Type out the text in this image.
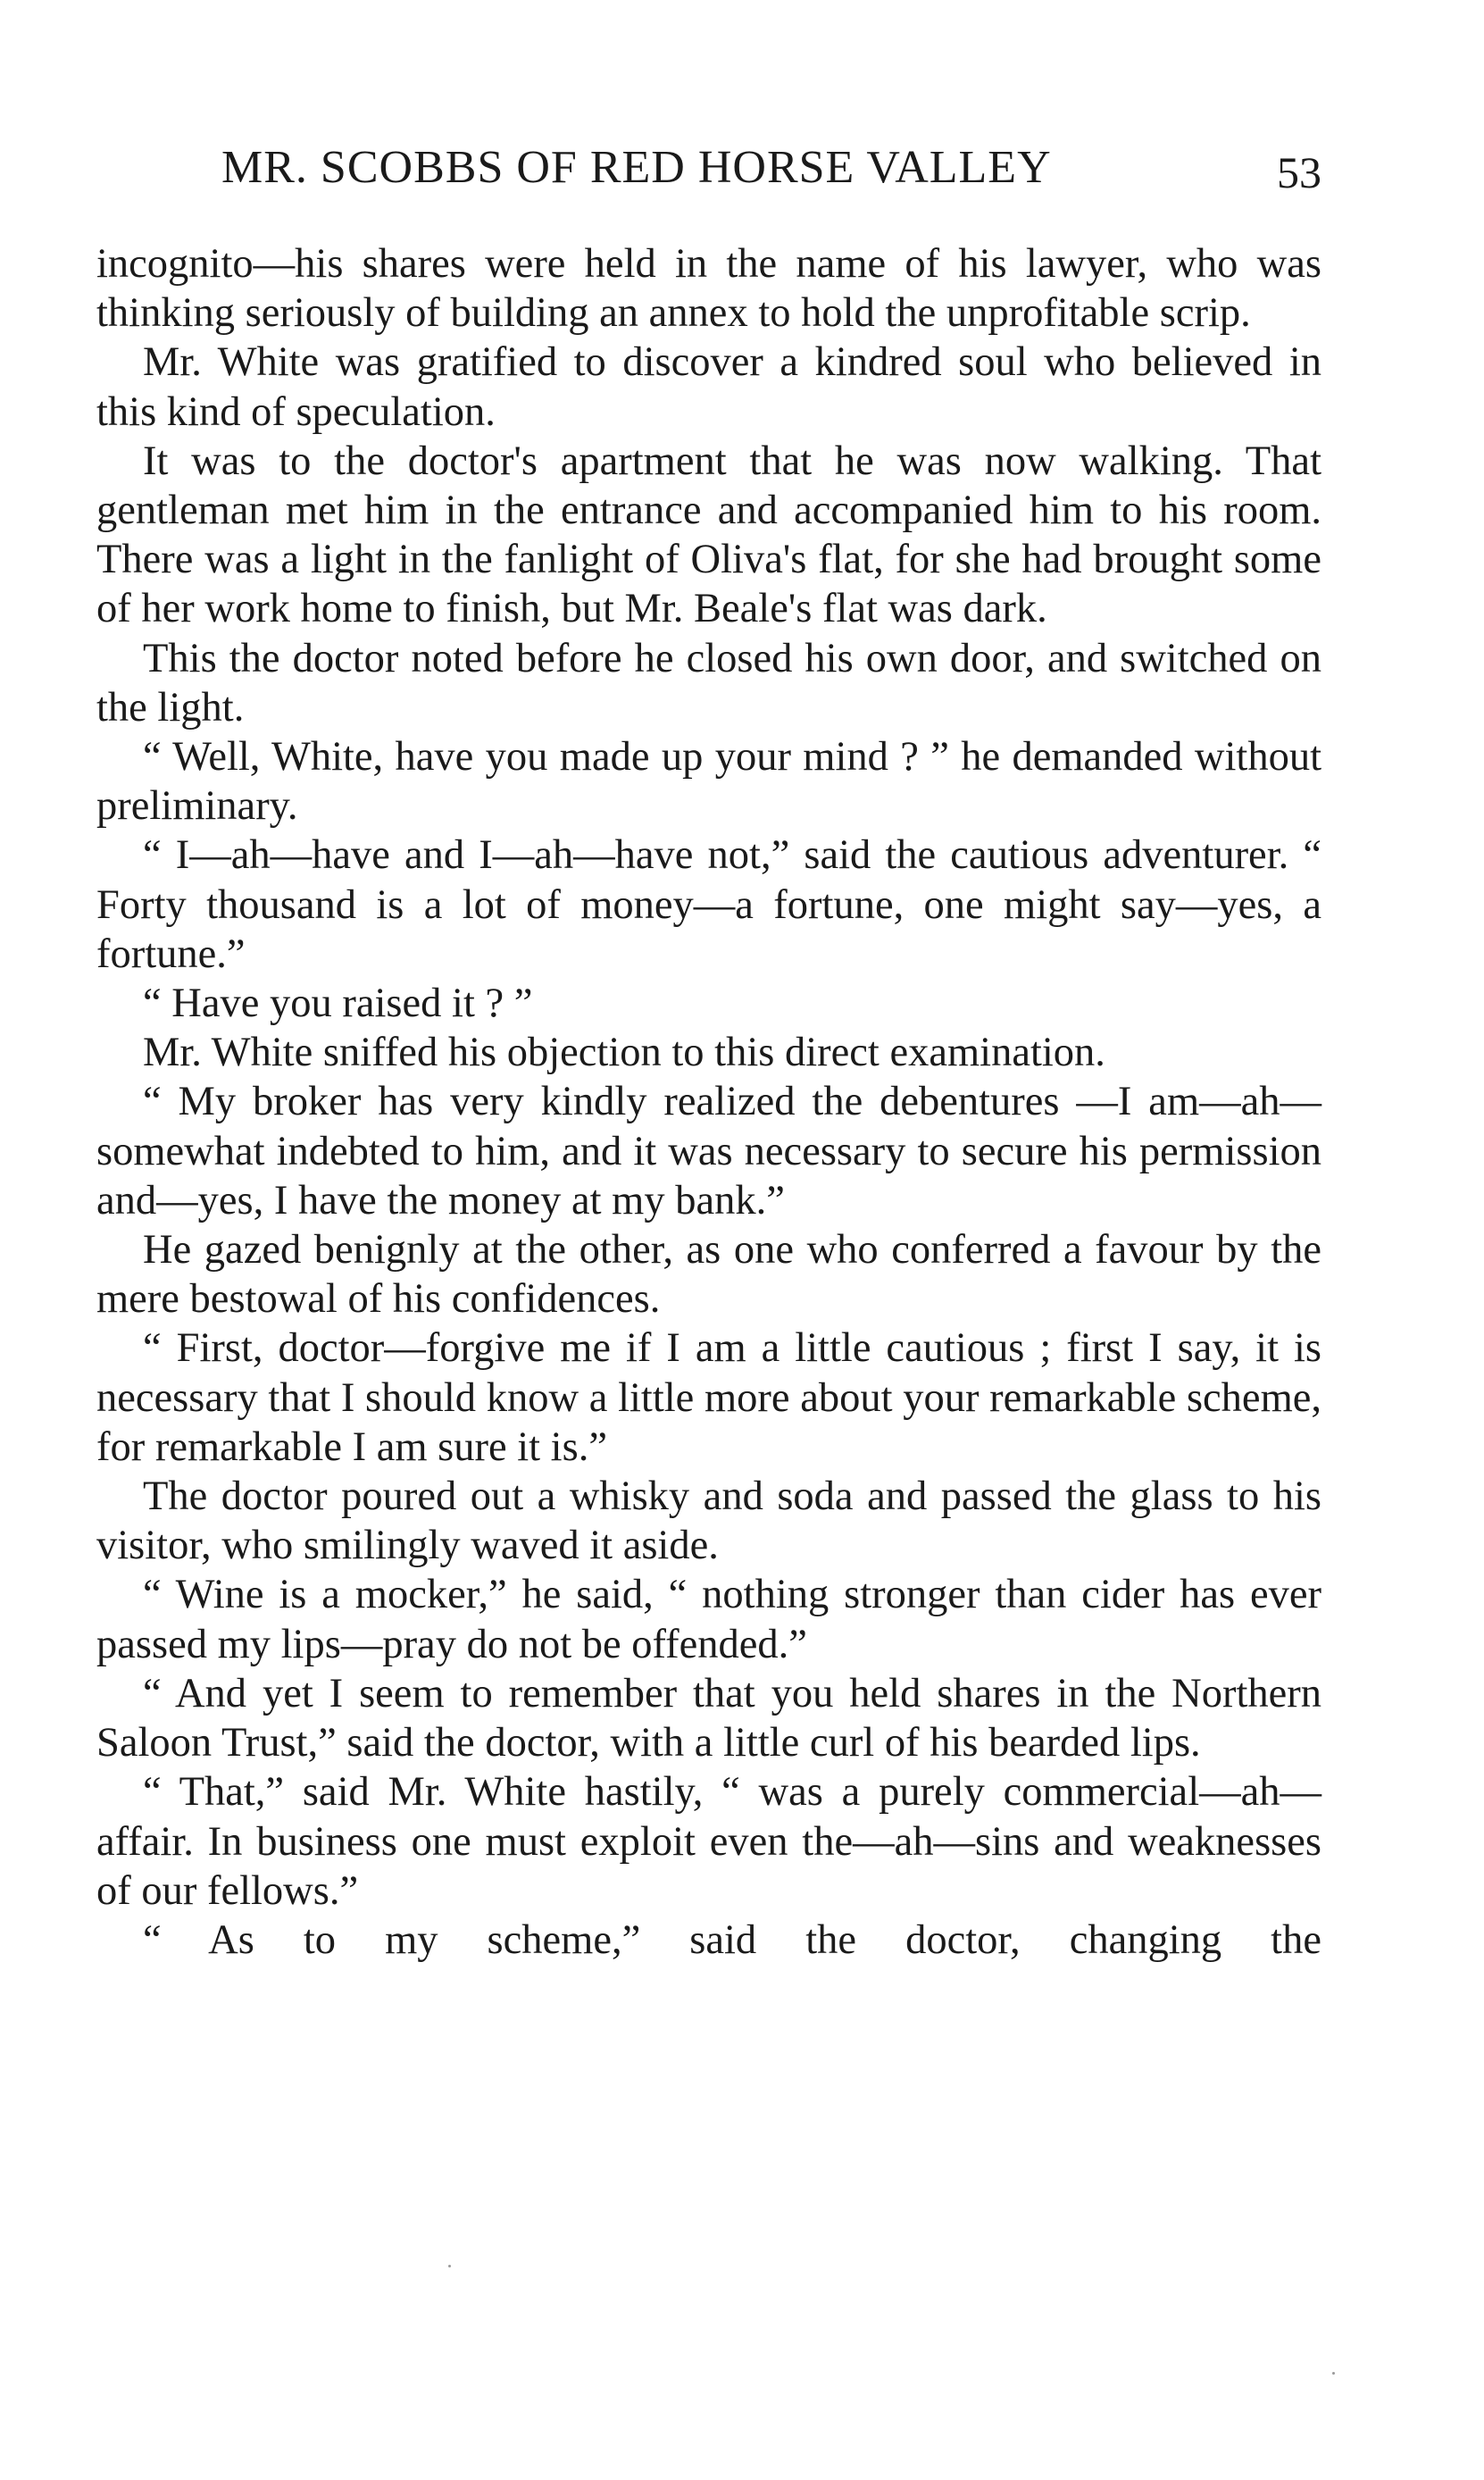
MR. SCOBBS OF RED HORSE VALLEY	53

incognito—his shares were held in the name of his lawyer, who was thinking seriously of building an annex to hold the unprofitable scrip.

Mr. White was gratified to discover a kindred soul who believed in this kind of speculation.

It was to the doctor's apartment that he was now walking. That gentleman met him in the entrance and accompanied him to his room. There was a light in the fanlight of Oliva's flat, for she had brought some of her work home to finish, but Mr. Beale's flat was dark.

This the doctor noted before he closed his own door, and switched on the light.

“ Well, White, have you made up your mind ? ” he demanded without preliminary.

“ I—ah—have and I—ah—have not,” said the cautious adventurer. “ Forty thousand is a lot of money—a fortune, one might say—yes, a fortune.”

“ Have you raised it ? ”

Mr. White sniffed his objection to this direct examination.

“ My broker has very kindly realized the debentures —I am—ah—somewhat indebted to him, and it was necessary to secure his permission and—yes, I have the money at my bank.”

He gazed benignly at the other, as one who conferred a favour by the mere bestowal of his confidences.

“ First, doctor—forgive me if I am a little cautious ; first I say, it is necessary that I should know a little more about your remarkable scheme, for remarkable I am sure it is.”

The doctor poured out a whisky and soda and passed the glass to his visitor, who smilingly waved it aside.

“ Wine is a mocker,” he said, “ nothing stronger than cider has ever passed my lips—pray do not be offended.”

“ And yet I seem to remember that you held shares in the Northern Saloon Trust,” said the doctor, with a little curl of his bearded lips.

“ That,” said Mr. White hastily, “ was a purely commercial—ah—affair. In business one must exploit even the—ah—sins and weaknesses of our fellows.”

“ As to my scheme,” said the doctor, changing the
